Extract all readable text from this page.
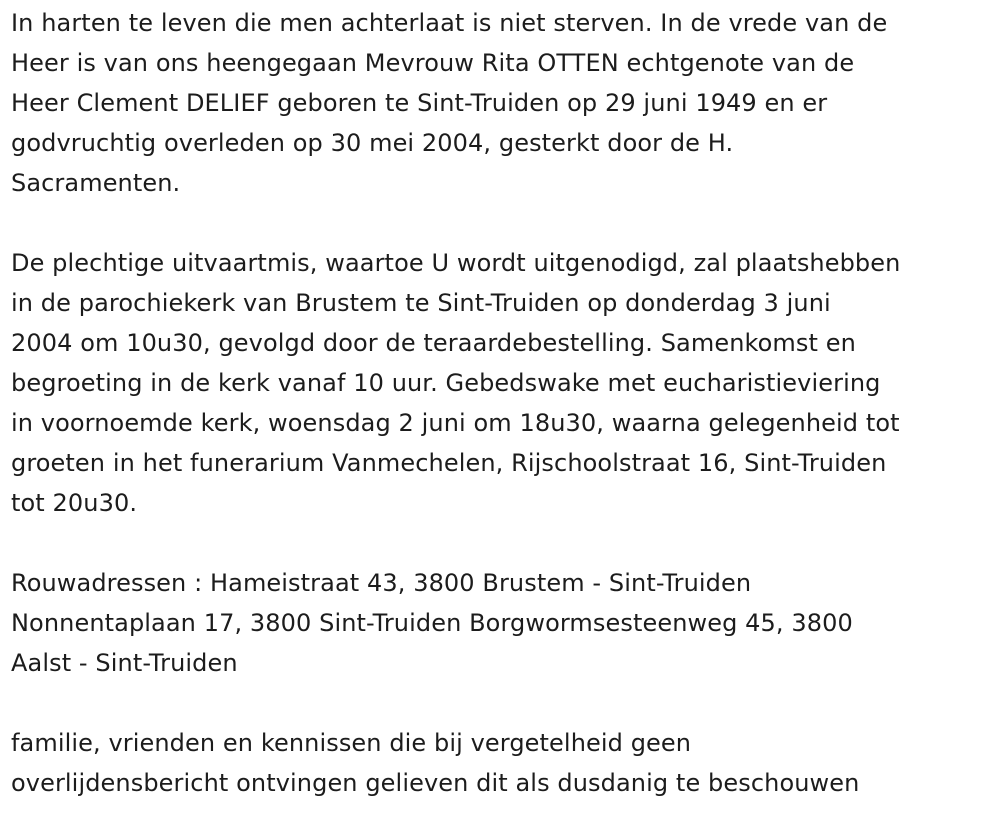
In harten te leven die men achterlaat is niet sterven. In de vrede van de
Heer is van ons heengegaan Mevrouw Rita OTTEN echtgenote van de
Heer Clement DELIEF geboren te Sint-Truiden op 29 juni 1949 en er
godvruchtig overleden op 30 mei 2004, gesterkt door de H.
Sacramenten.

De plechtige uitvaartmis, waartoe U wordt uitgenodigd, zal plaatshebben
in de parochiekerk van Brustem te Sint-Truiden op donderdag 3 juni
2004 om 10u30, gevolgd door de teraardebestelling. Samenkomst en
begroeting in de kerk vanaf 10 uur. Gebedswake met eucharistieviering
in voornoemde kerk, woensdag 2 juni om 18u30, waarna gelegenheid tot
groeten in het funerarium Vanmechelen, Rijschoolstraat 16, Sint-Truiden
tot 20u30.

Rouwadressen : Hameistraat 43, 3800 Brustem - Sint-Truiden
Nonnentaplaan 17, 3800 Sint-Truiden Borgwormsesteenweg 45, 3800
Aalst - Sint-Truiden

familie, vrienden en kennissen die bij vergetelheid geen
overlijdensbericht ontvingen gelieven dit als dusdanig te beschouwen
